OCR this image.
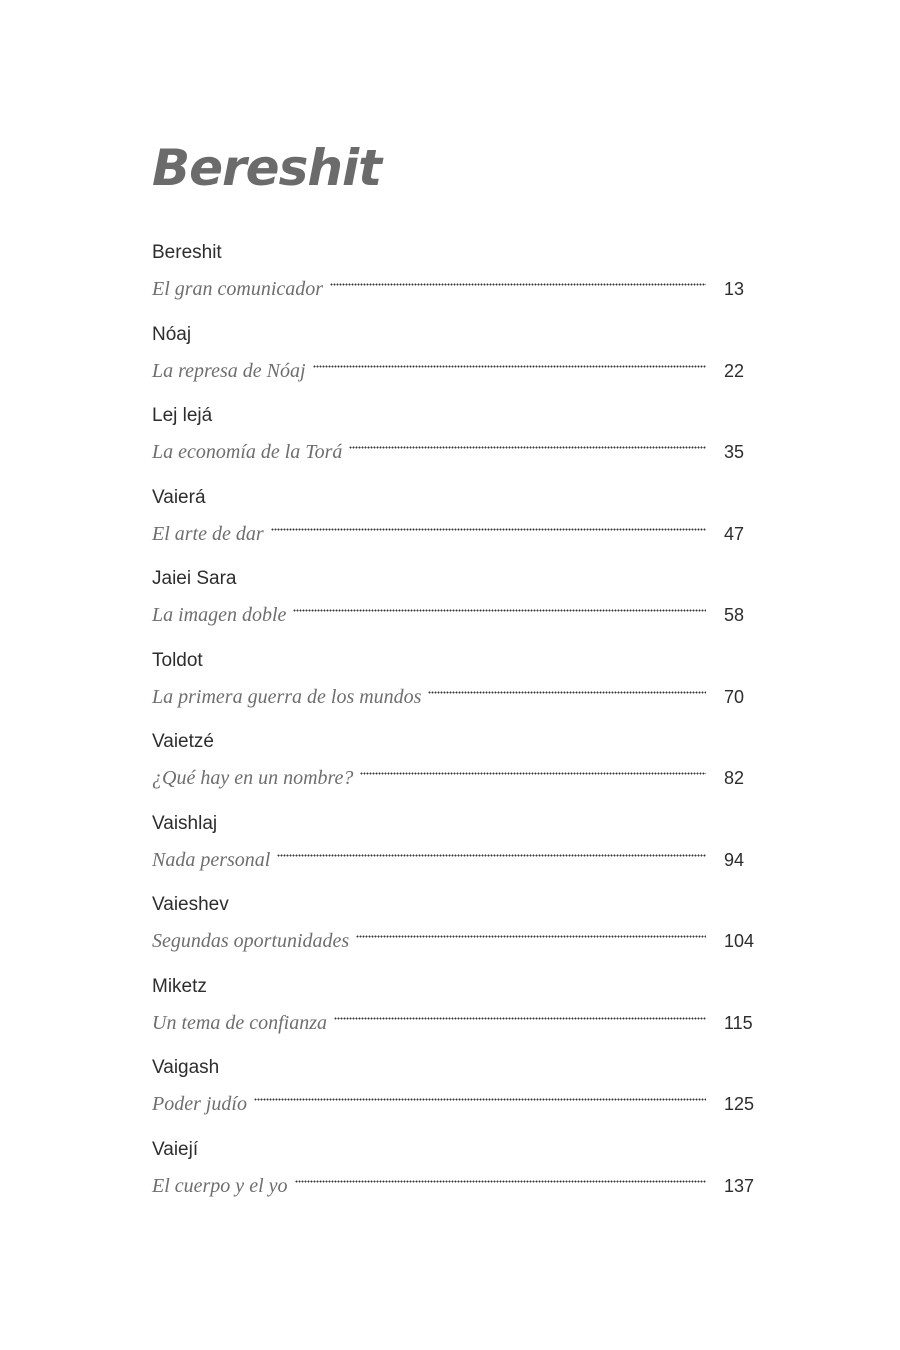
Bereshit
Bereshit
El gran comunicador	13
Nóaj
La represa de Nóaj	22
Lej lejá
La economía de la Torá	35
Vaierá
El arte de dar	47
Jaiei Sara
La imagen doble	58
Toldot
La primera guerra de los mundos	70
Vaietzé
¿Qué hay en un nombre?	82
Vaishlaj
Nada personal	94
Vaieshev
Segundas oportunidades	104
Miketz
Un tema de confianza	115
Vaigash
Poder judío	125
Vaiejí
El cuerpo y el yo	137
